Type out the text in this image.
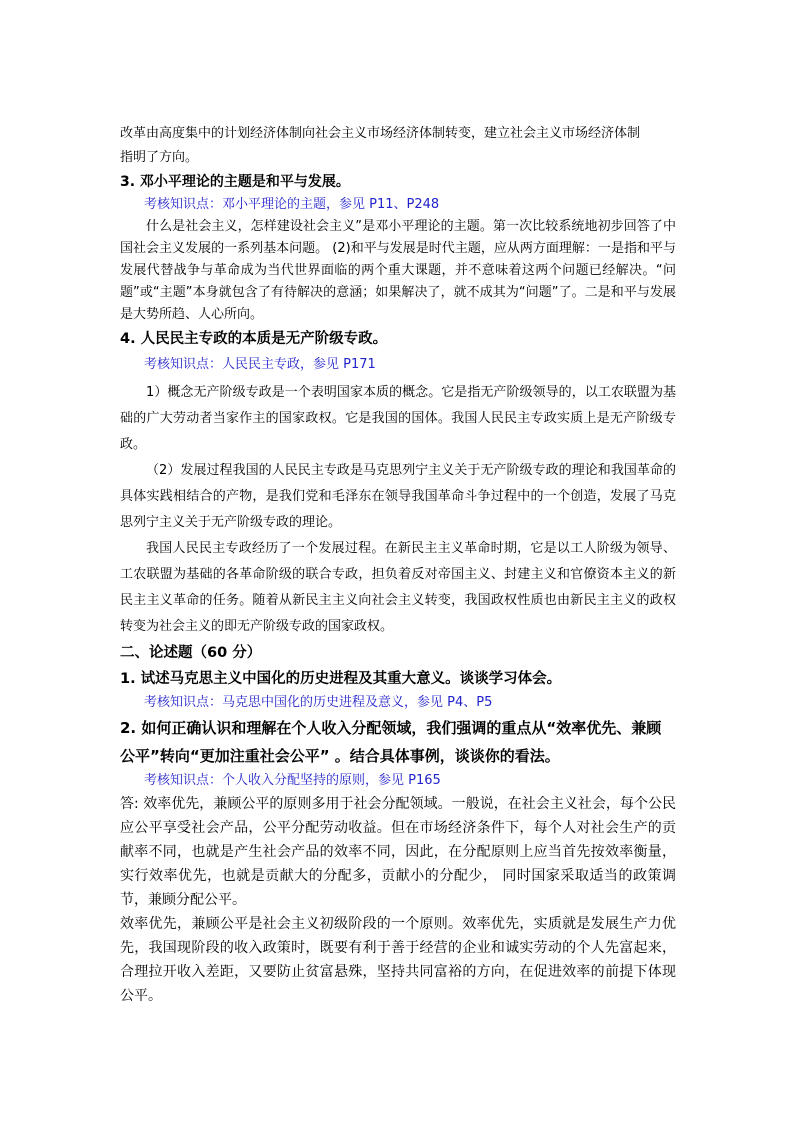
改革由高度集中的计划经济体制向社会主义市场经济体制转变，建立社会主义市场经济体制

指明了方向。

3. 邓小平理论的主题是和平与发展。

考核知识点：邓小平理论的主题，参见 P11、P248

什么是社会主义，怎样建设社会主义”是邓小平理论的主题。第一次比较系统地初步回答了中国社会主义发展的一系列基本问题。 (2)和平与发展是时代主题，应从两方面理解：一是指和平与发展代替战争与革命成为当代世界面临的两个重大课题，并不意味着这两个问题已经解决。“问题”或“主题”本身就包含了有待解决的意涵；如果解决了，就不成其为“问题”了。二是和平与发展是大势所趋、人心所向。

4. 人民民主专政的本质是无产阶级专政。

考核知识点：人民民主专政，参见 P171

1）概念无产阶级专政是一个表明国家本质的概念。它是指无产阶级领导的，以工农联盟为基础的广大劳动者当家作主的国家政权。它是我国的国体。我国人民民主专政实质上是无产阶级专政。

（2）发展过程我国的人民民主专政是马克思列宁主义关于无产阶级专政的理论和我国革命的具体实践相结合的产物，是我们党和毛泽东在领导我国革命斗争过程中的一个创造，发展了马克思列宁主义关于无产阶级专政的理论。

我国人民民主专政经历了一个发展过程。在新民主主义革命时期，它是以工人阶级为领导、工农联盟为基础的各革命阶级的联合专政，担负着反对帝国主义、封建主义和官僚资本主义的新民主主义革命的任务。随着从新民主主义向社会主义转变，我国政权性质也由新民主主义的政权转变为社会主义的即无产阶级专政的国家政权。

二、论述题（60 分）

1. 试述马克思主义中国化的历史进程及其重大意义。谈谈学习体会。

考核知识点：马克思中国化的历史进程及意义，参见 P4、P5

2. 如何正确认识和理解在个人收入分配领域，我们强调的重点从“效率优先、兼顾公平”转向“更加注重社会公平” 。结合具体事例，谈谈你的看法。

考核知识点：个人收入分配坚持的原则，参见 P165

答: 效率优先，兼顾公平的原则多用于社会分配领域。一般说，在社会主义社会，每个公民应公平享受社会产品，公平分配劳动收益。但在市场经济条件下，每个人对社会生产的贡献率不同，也就是产生社会产品的效率不同，因此，在分配原则上应当首先按效率衡量，实行效率优先，也就是贡献大的分配多，贡献小的分配少， 同时国家采取适当的政策调节，兼顾分配公平。

效率优先，兼顾公平是社会主义初级阶段的一个原则。效率优先，实质就是发展生产力优先，我国现阶段的收入政策时，既要有利于善于经营的企业和诚实劳动的个人先富起来，合理拉开收入差距，又要防止贫富悬殊，坚持共同富裕的方向，在促进效率的前提下体现公平。
